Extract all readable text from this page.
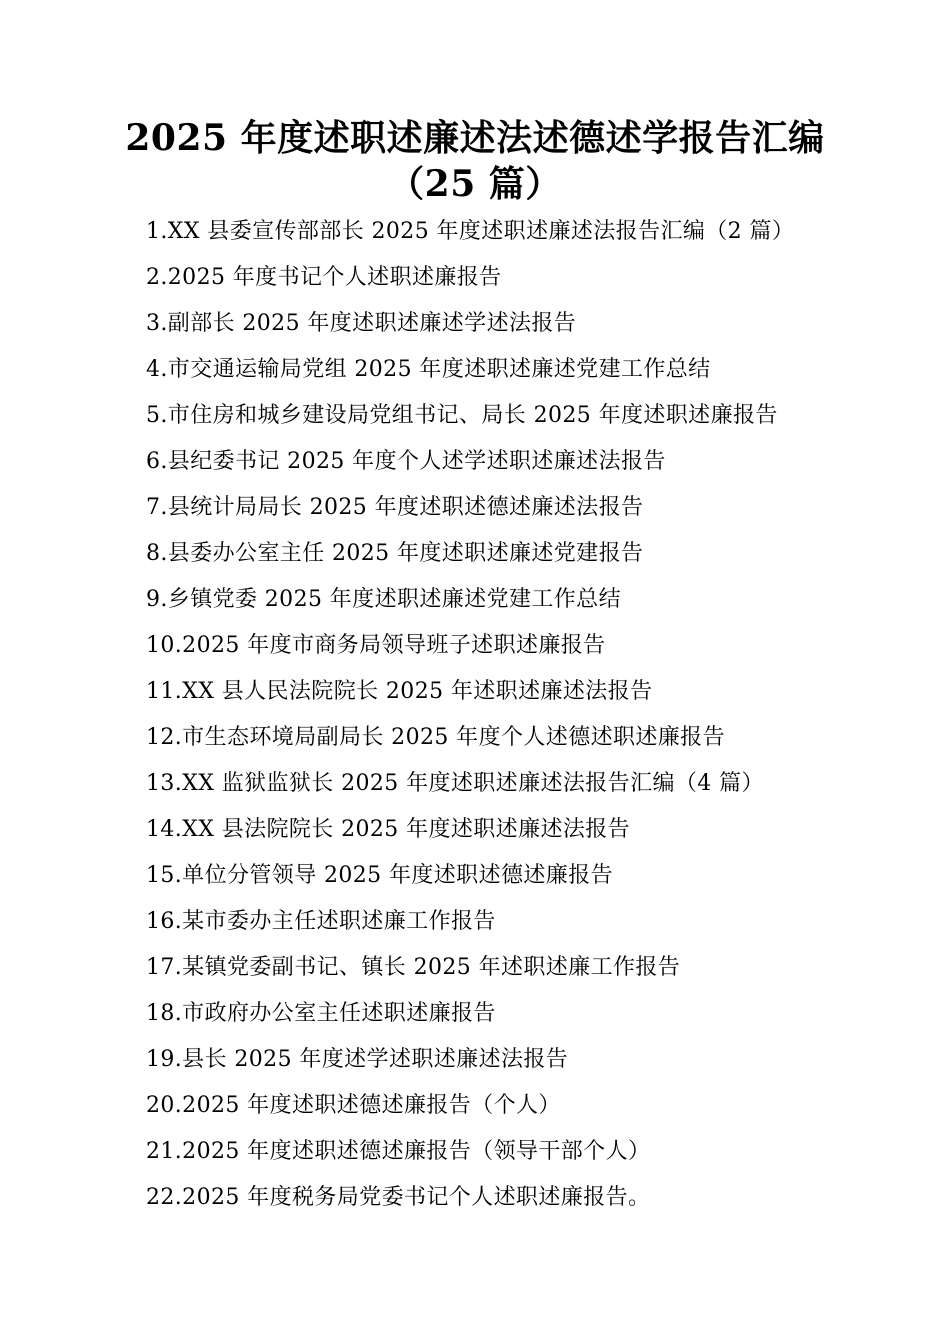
2025 年度述职述廉述法述德述学报告汇编
（25 篇）
1.XX 县委宣传部部长 2025 年度述职述廉述法报告汇编（2 篇）
2.2025 年度书记个人述职述廉报告
3.副部长 2025 年度述职述廉述学述法报告
4.市交通运输局党组 2025 年度述职述廉述党建工作总结
5.市住房和城乡建设局党组书记、局长 2025 年度述职述廉报告
6.县纪委书记 2025 年度个人述学述职述廉述法报告
7.县统计局局长 2025 年度述职述德述廉述法报告
8.县委办公室主任 2025 年度述职述廉述党建报告
9.乡镇党委 2025 年度述职述廉述党建工作总结
10.2025 年度市商务局领导班子述职述廉报告
11.XX 县人民法院院长 2025 年述职述廉述法报告
12.市生态环境局副局长 2025 年度个人述德述职述廉报告
13.XX 监狱监狱长 2025 年度述职述廉述法报告汇编（4 篇）
14.XX 县法院院长 2025 年度述职述廉述法报告
15.单位分管领导 2025 年度述职述德述廉报告
16.某市委办主任述职述廉工作报告
17.某镇党委副书记、镇长 2025 年述职述廉工作报告
18.市政府办公室主任述职述廉报告
19.县长 2025 年度述学述职述廉述法报告
20.2025 年度述职述德述廉报告（个人）
21.2025 年度述职述德述廉报告（领导干部个人）
22.2025 年度税务局党委书记个人述职述廉报告。
